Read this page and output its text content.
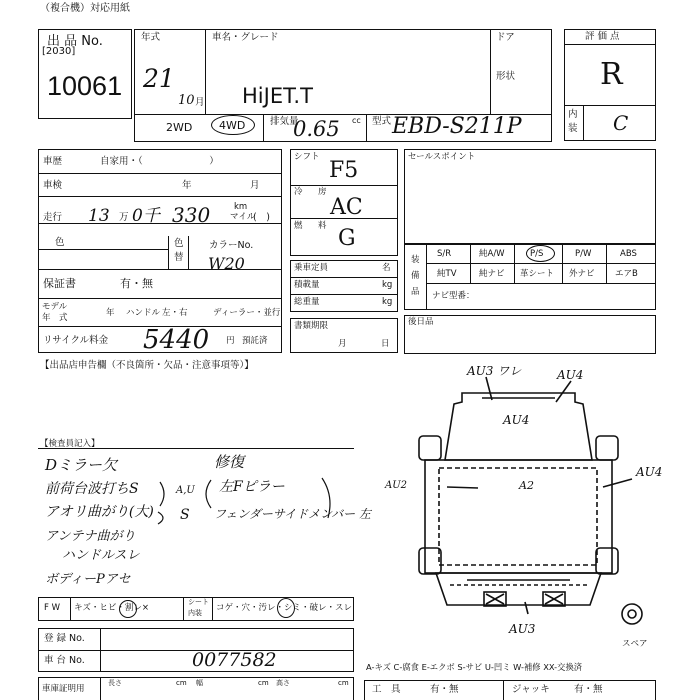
（複合機）対応用紙
出 品 No.
[2030]
10061
年式
21
10 月
車名・グレード
HiJET.T
ドア
形状
2WD 4WD	排気量	cc
0.65	型式 EBD-S211P
評 価 点
R
内
装 C
車歴	自家用・（　　　　　　　）
車検	年	月
走行 13 万 0千 330	km
マイル
(　)
色	色
替
カラーNo.
W20
保証書	有・無
モデル
年　式	年 ハンドル 左・右	ディーラー・並行
リサイクル料金 5440 円 預託済
シフト
F5
冷 房
AC
燃 料 G
乗車定員	名
積載量	kg
総重量	kg
書類期限
月	日
セールスポイント
装
備
品
S/R	純A/W	P/S	P/W	ABS
純TV	純ナビ 革シート 外ナビ エアB
ナビ型番：
後日品
【出品店申告欄（不良箇所・欠品・注意事項等）】
【検査員記入】
Dミラー欠
前荷台波打ちS
アオリ曲がり(大)
アンテナ曲がり
ハンドルスレ
ボディーPアセ
修復
左Fピラー
フェンダーサイドメンバー 左
A,U
S
F W キズ・ヒビ・割レ×
シート
内装 コゲ・穴・汚レ・シミ・破レ・スレ
登 録 No.
車 台 No.	0077582
車庫証明用
長さ	cm 幅	cm 高さ	cm
AU3 ワレ	AU4
AU4
AU2	A2
AU4
AU3
スペア
A-キズ C-腐食 E-エクボ S-サビ U-凹ミ W-補修 XX-交換済
工　具	有・無	ジャッキ	有・無
